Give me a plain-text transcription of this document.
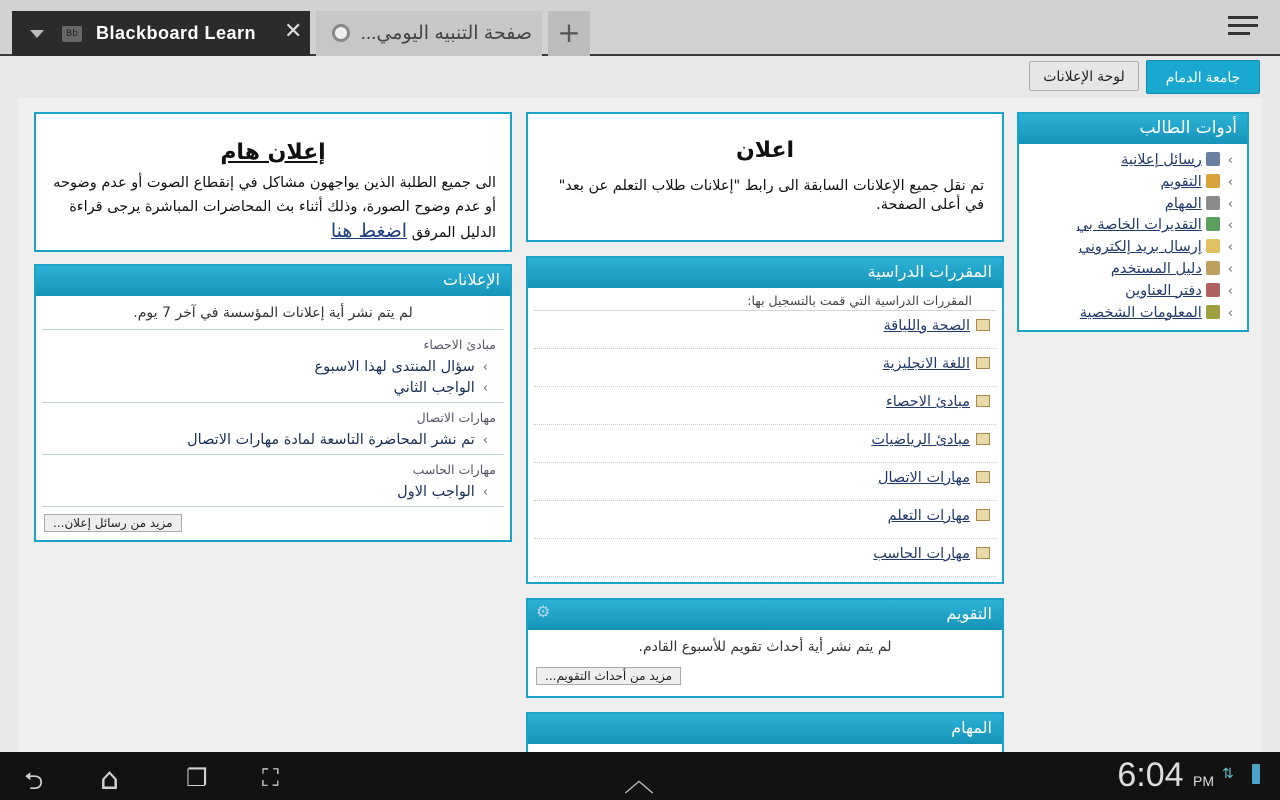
Bb Blackboard Learn ✕	صفحة التنبيه اليومي... +
جامعة الدمام
لوحة الإعلانات
إعلان هام
الى جميع الطلبة الذين يواجهون مشاكل في إنقطاع الصوت أو عدم وضوحه أو عدم وضوح الصورة، وذلك أثناء بث المحاضرات المباشرة يرجى قراءة الدليل المرفق اضغط هنا
اعلان
تم نقل جميع الإعلانات السابقة الى رابط "إعلانات طلاب التعلم عن بعد" في أعلى الصفحة.
أدوات الطالب
›رسائل إعلانية
›التقويم
›المهام
›التقديرات الخاصة بي
›إرسال بريد إلكتروني
›دليل المستخدم
›دفتر العناوين
›المعلومات الشخصية
المقررات الدراسية
المقررات الدراسية التي قمت بالتسجيل بها:
الصحة واللياقة
اللغة الانجليزية
مبادئ الاحصاء
مبادئ الرياضيات
مهارات الاتصال
مهارات التعلم
مهارات الحاسب
الإعلانات
لم يتم نشر أية إعلانات المؤسسة في آخر 7 يوم.
مبادئ الاحصاء
›سؤال المنتدى لهذا الاسبوع
›الواجب الثاني
مهارات الاتصال
›تم نشر المحاضرة التاسعة لمادة مهارات الاتصال
مهارات الحاسب
›الواجب الاول
مزيد من رسائل إعلان...
التقويم
⚙
لم يتم نشر أية أحداث تقويم للأسبوع القادم.
مزيد من أحداث التقويم...
المهام
⮌ ⌂	❐ ⛶	︿	6:04 PM ⇅
